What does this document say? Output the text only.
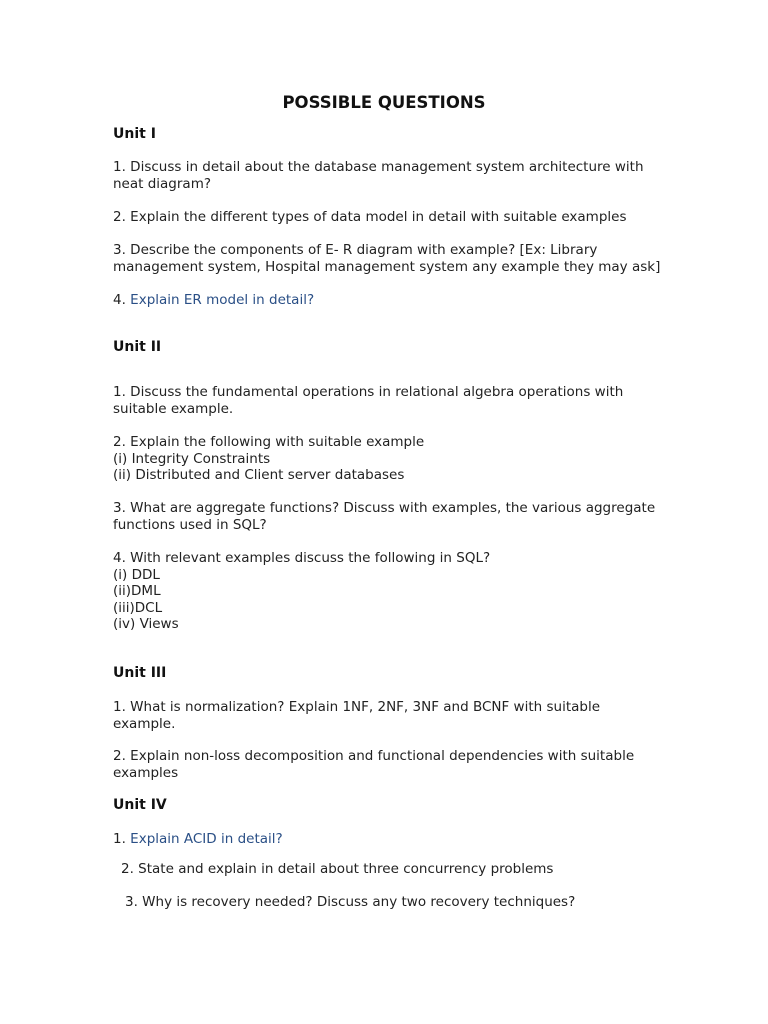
POSSIBLE QUESTIONS
Unit I
1. Discuss in detail about the database management system architecture with
neat diagram?
2. Explain the different types of data model in detail with suitable examples
3. Describe the components of E- R diagram with example? [Ex: Library
management system, Hospital management system any example they may ask]
4. Explain ER model in detail?
Unit II
1. Discuss the fundamental operations in relational algebra operations with
suitable example.
2. Explain the following with suitable example
(i) Integrity Constraints
(ii) Distributed and Client server databases
3. What are aggregate functions? Discuss with examples, the various aggregate
functions used in SQL?
4. With relevant examples discuss the following in SQL?
(i) DDL
(ii)DML
(iii)DCL
(iv) Views
Unit III
1. What is normalization? Explain 1NF, 2NF, 3NF and BCNF with suitable
example.
2. Explain non-loss decomposition and functional dependencies with suitable
examples
Unit IV
1. Explain ACID in detail?
2. State and explain in detail about three concurrency problems
3. Why is recovery needed? Discuss any two recovery techniques?
